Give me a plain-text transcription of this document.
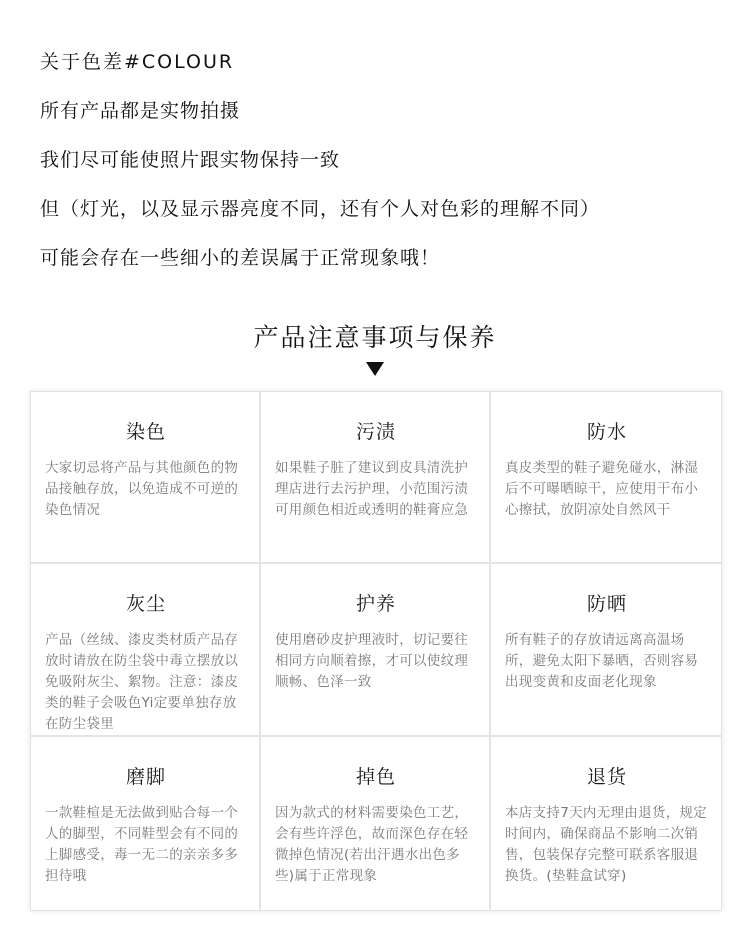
关于色差#COLOUR
所有产品都是实物拍摄
我们尽可能使照片跟实物保持一致
但（灯光，以及显示器亮度不同，还有个人对色彩的理解不同）
可能会存在一些细小的差误属于正常现象哦！
产品注意事项与保养
染色
大家切忌将产品与其他颜色的物品接触存放，以免造成不可逆的染色情况
污渍
如果鞋子脏了建议到皮具清洗护理店进行去污护理，小范围污渍可用颜色相近或透明的鞋膏应急
防水
真皮类型的鞋子避免碰水，淋湿后不可曝晒晾干，应使用干布小心擦拭，放阴凉处自然风干
灰尘
产品（丝绒、漆皮类材质产品存放时请放在防尘袋中毒立摆放以免吸附灰尘、絮物。注意：漆皮类的鞋子会吸色Yi定要单独存放在防尘袋里
护养
使用磨砂皮护理液时，切记要往相同方向顺着擦，才可以使纹理顺畅、色泽一致
防晒
所有鞋子的存放请远离高温场所，避免太阳下暴晒，否则容易出现变黄和皮面老化现象
磨脚
一款鞋楦是无法做到贴合每一个人的脚型，不同鞋型会有不同的上脚感受，毒一无二的亲亲多多担待哦
掉色
因为款式的材料需要染色工艺，会有些许浮色，故而深色存在轻微掉色情况(若出汗遇水出色多些)属于正常现象
退货
本店支持7天内无理由退货，规定时间内，确保商品不影响二次销售，包装保存完整可联系客服退换货。(垫鞋盒试穿)
